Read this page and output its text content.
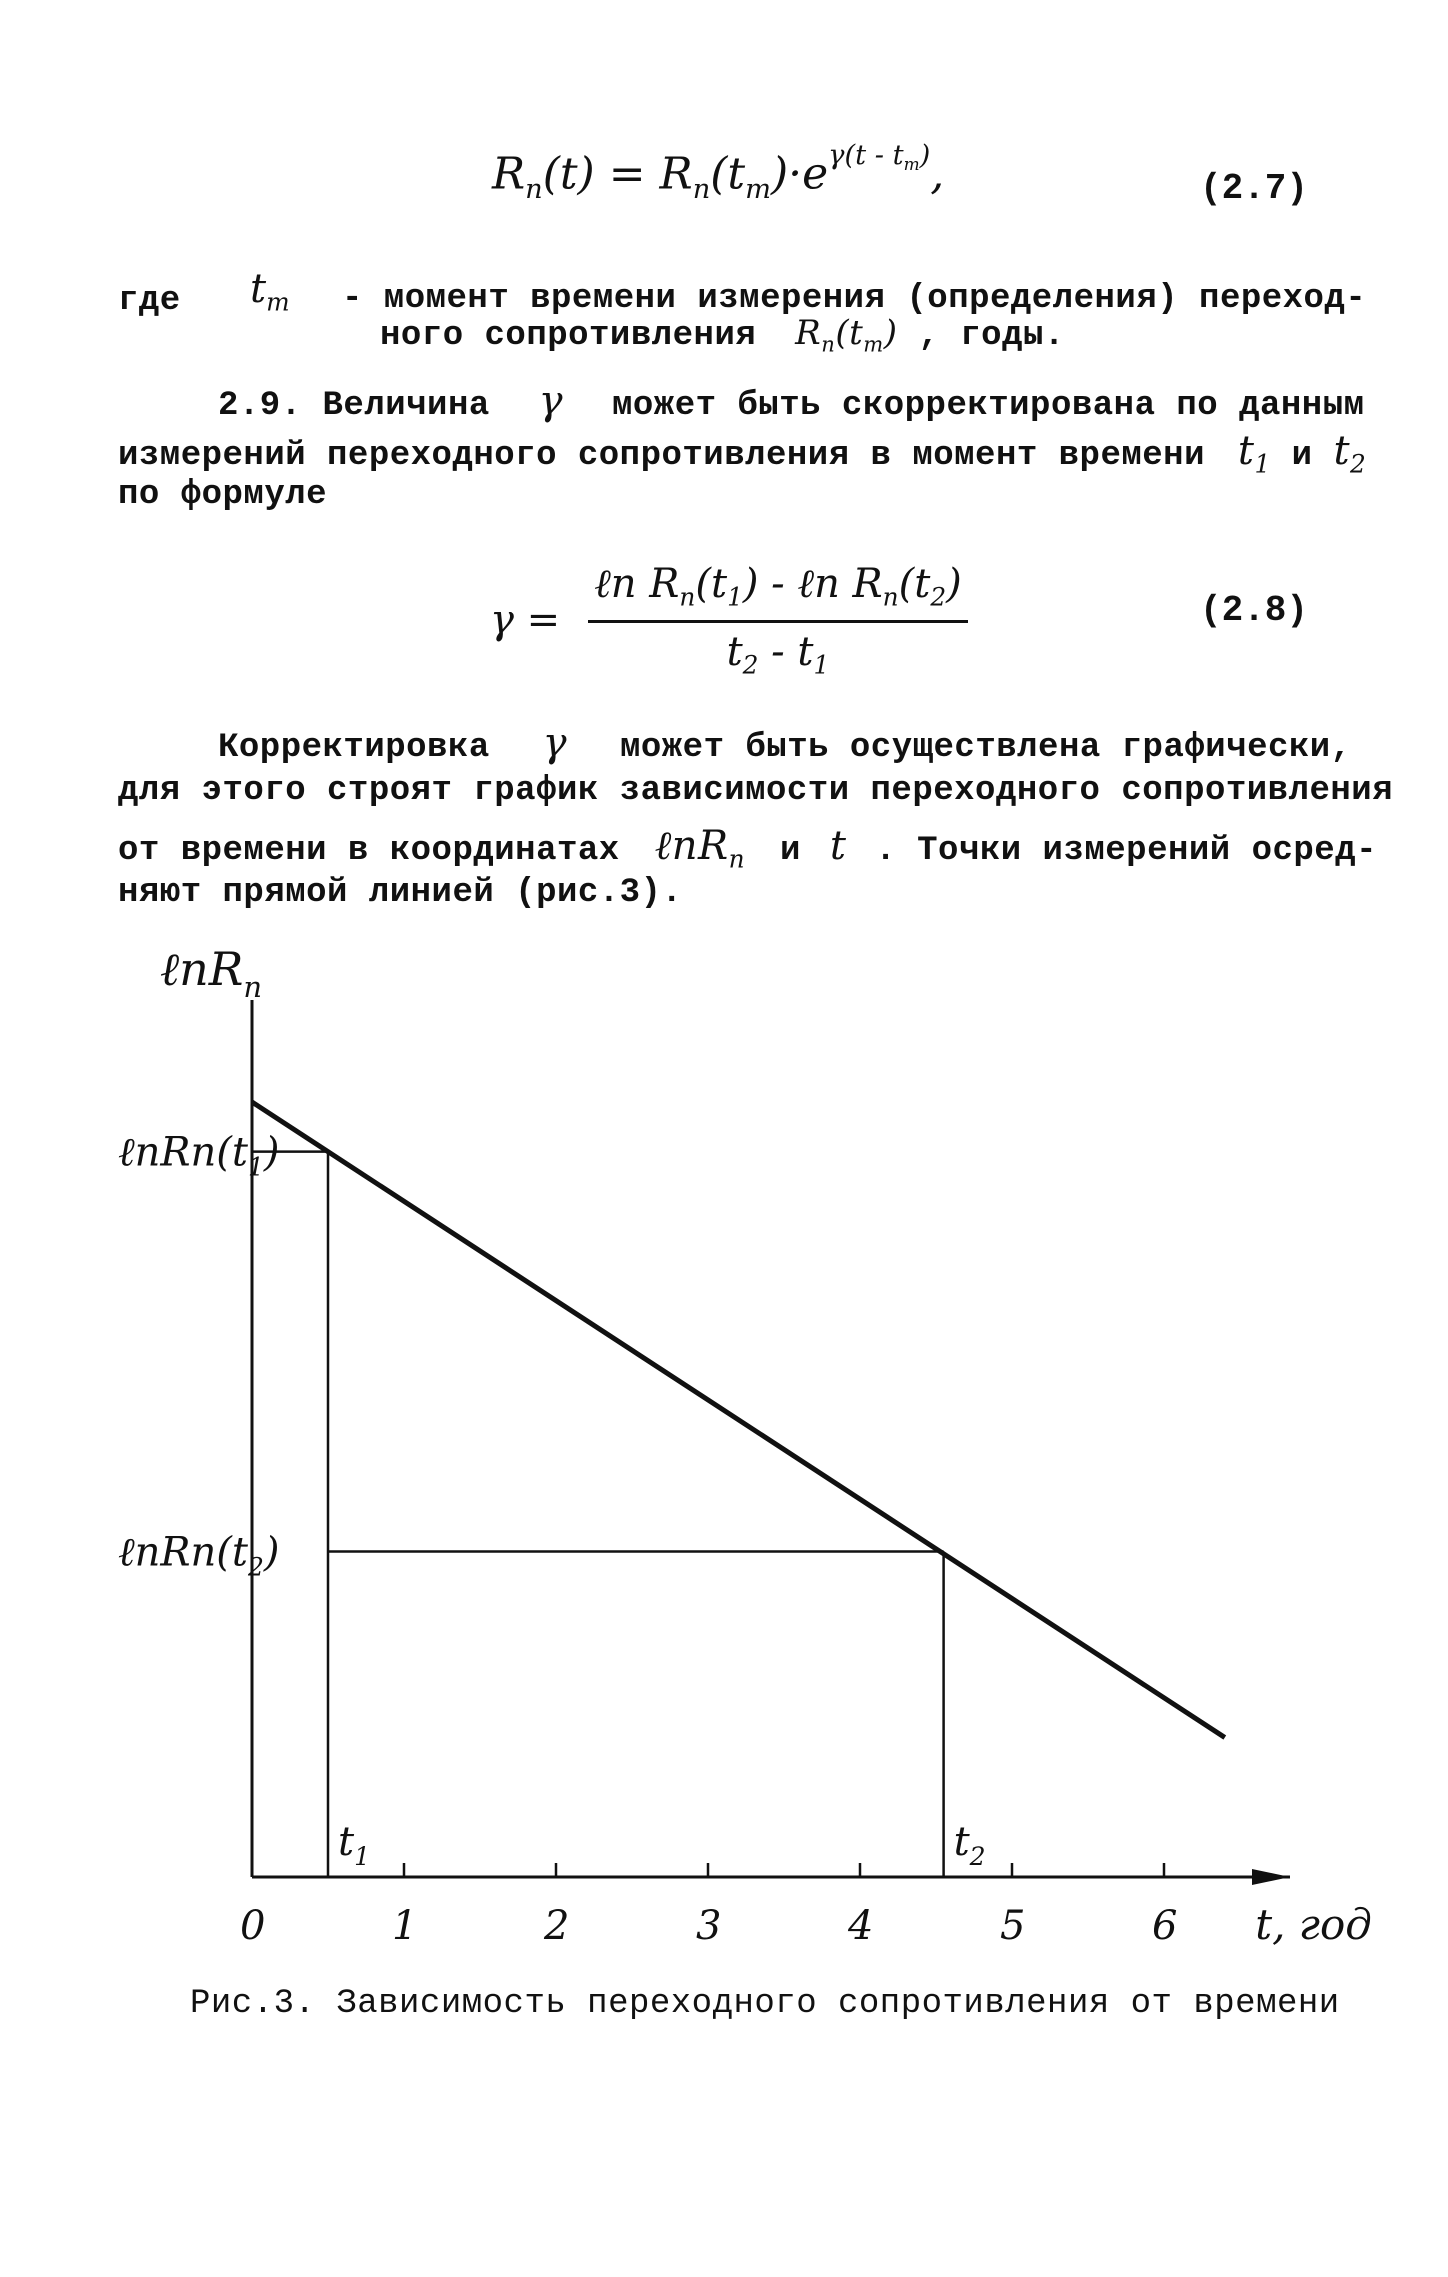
$R_п(t) = R_п(t_m)\cdot e^{\gamma(t - t_m)}$,	(2.7)
где $t_m$ - момент времени измерения (определения) переход-
ного сопротивления $R_п(t_m)$ , годы.
2.9. Величина γ может быть скорректирована по данным
измерений переходного сопротивления в момент времени $t_1$ и $t_2$
по формуле
$\gamma = \frac{\ell n R_п(t_1) - \ell n R_п(t_2)}{t_2 - t_1}$	(2.8)
Корректировка γ может быть осуществлена графически,
для этого строят график зависимости переходного сопротивления
от времени в координатах ℓnR$_п$ и t . Точки измерений осред-
няют прямой линией (рис.3).
ℓnR$_п$
0	1	2	3	4	5	6 t, год
$t_1$
$\ell nRп(t_1)$
$t_2$
$\ell nRп(t_2)$
Рис.3. Зависимость переходного сопротивления от времени
